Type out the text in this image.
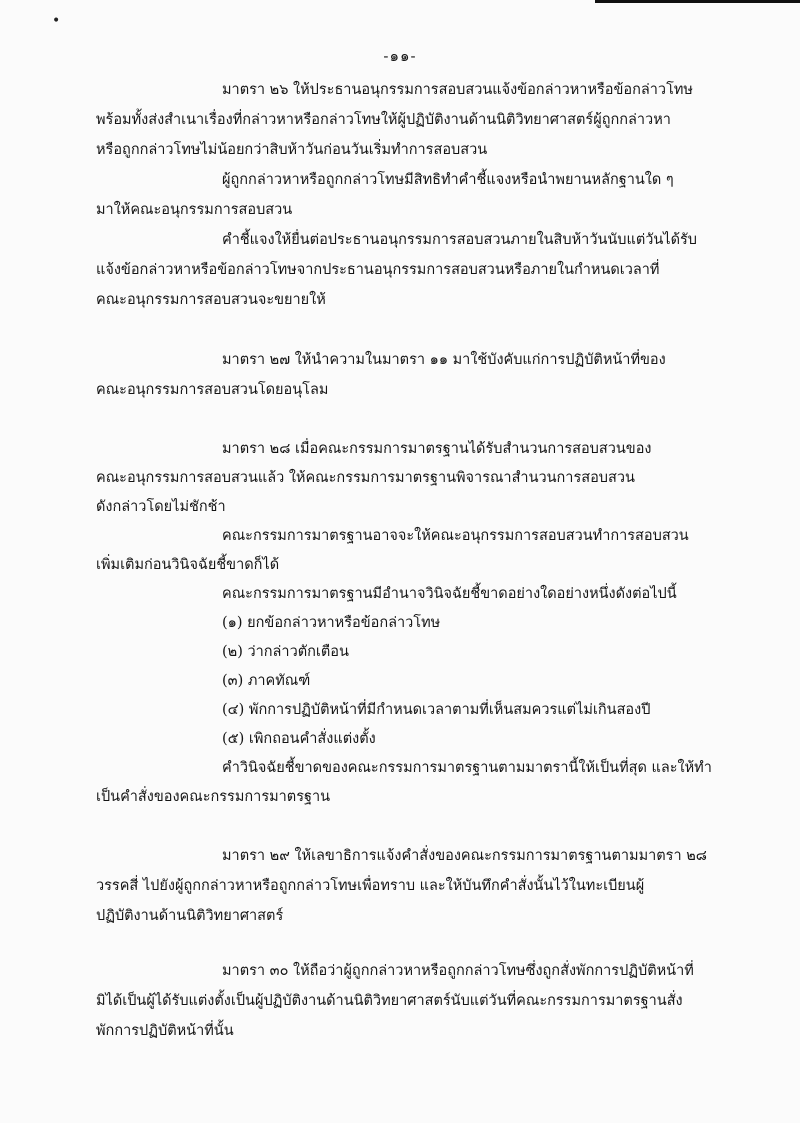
•
-๑๑-
มาตรา ๒๖ ให้ประธานอนุกรรมการสอบสวนแจ้งข้อกล่าวหาหรือข้อกล่าวโทษ
พร้อมทั้งส่งสำเนาเรื่องที่กล่าวหาหรือกล่าวโทษให้ผู้ปฏิบัติงานด้านนิติวิทยาศาสตร์ผู้ถูกกล่าวหา
หรือถูกกล่าวโทษไม่น้อยกว่าสิบห้าวันก่อนวันเริ่มทำการสอบสวน
ผู้ถูกกล่าวหาหรือถูกกล่าวโทษมีสิทธิทำคำชี้แจงหรือนำพยานหลักฐานใด ๆ
มาให้คณะอนุกรรมการสอบสวน
คำชี้แจงให้ยื่นต่อประธานอนุกรรมการสอบสวนภายในสิบห้าวันนับแต่วันได้รับ
แจ้งข้อกล่าวหาหรือข้อกล่าวโทษจากประธานอนุกรรมการสอบสวนหรือภายในกำหนดเวลาที่
คณะอนุกรรมการสอบสวนจะขยายให้
มาตรา ๒๗ ให้นำความในมาตรา ๑๑ มาใช้บังคับแก่การปฏิบัติหน้าที่ของ
คณะอนุกรรมการสอบสวนโดยอนุโลม
มาตรา ๒๘ เมื่อคณะกรรมการมาตรฐานได้รับสำนวนการสอบสวนของ
คณะอนุกรรมการสอบสวนแล้ว ให้คณะกรรมการมาตรฐานพิจารณาสำนวนการสอบสวน
ดังกล่าวโดยไม่ชักช้า
คณะกรรมการมาตรฐานอาจจะให้คณะอนุกรรมการสอบสวนทำการสอบสวน
เพิ่มเติมก่อนวินิจฉัยชี้ขาดก็ได้
คณะกรรมการมาตรฐานมีอำนาจวินิจฉัยชี้ขาดอย่างใดอย่างหนึ่งดังต่อไปนี้
(๑) ยกข้อกล่าวหาหรือข้อกล่าวโทษ
(๒) ว่ากล่าวตักเตือน
(๓) ภาคทัณฑ์
(๔) พักการปฏิบัติหน้าที่มีกำหนดเวลาตามที่เห็นสมควรแต่ไม่เกินสองปี
(๕) เพิกถอนคำสั่งแต่งตั้ง
คำวินิจฉัยชี้ขาดของคณะกรรมการมาตรฐานตามมาตรานี้ให้เป็นที่สุด และให้ทำ
เป็นคำสั่งของคณะกรรมการมาตรฐาน
มาตรา ๒๙ ให้เลขาธิการแจ้งคำสั่งของคณะกรรมการมาตรฐานตามมาตรา ๒๘
วรรคสี่ ไปยังผู้ถูกกล่าวหาหรือถูกกล่าวโทษเพื่อทราบ และให้บันทึกคำสั่งนั้นไว้ในทะเบียนผู้
ปฏิบัติงานด้านนิติวิทยาศาสตร์
มาตรา ๓๐ ให้ถือว่าผู้ถูกกล่าวหาหรือถูกกล่าวโทษซึ่งถูกสั่งพักการปฏิบัติหน้าที่
มิได้เป็นผู้ได้รับแต่งตั้งเป็นผู้ปฏิบัติงานด้านนิติวิทยาศาสตร์นับแต่วันที่คณะกรรมการมาตรฐานสั่ง
พักการปฏิบัติหน้าที่นั้น
